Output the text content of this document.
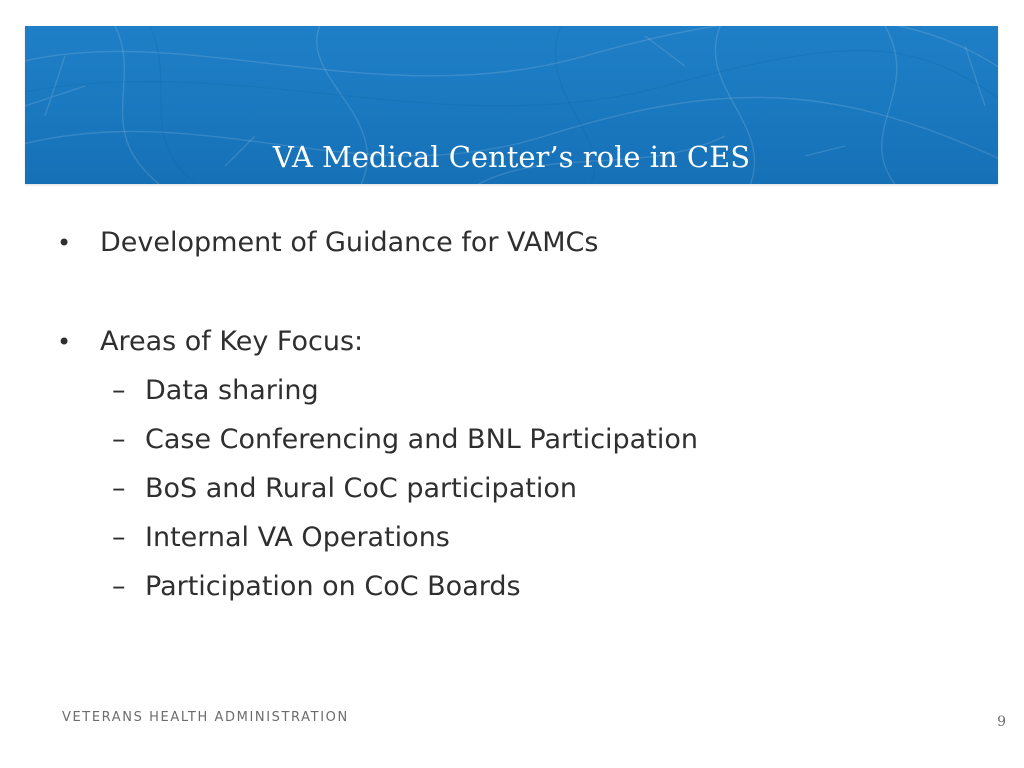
VA Medical Center’s role in CES
• Development of Guidance for VAMCs
• Areas of Key Focus:
– Data sharing
– Case Conferencing and BNL Participation
– BoS and Rural CoC participation
– Internal VA Operations
– Participation on CoC Boards
VETERANS HEALTH ADMINISTRATION	9
